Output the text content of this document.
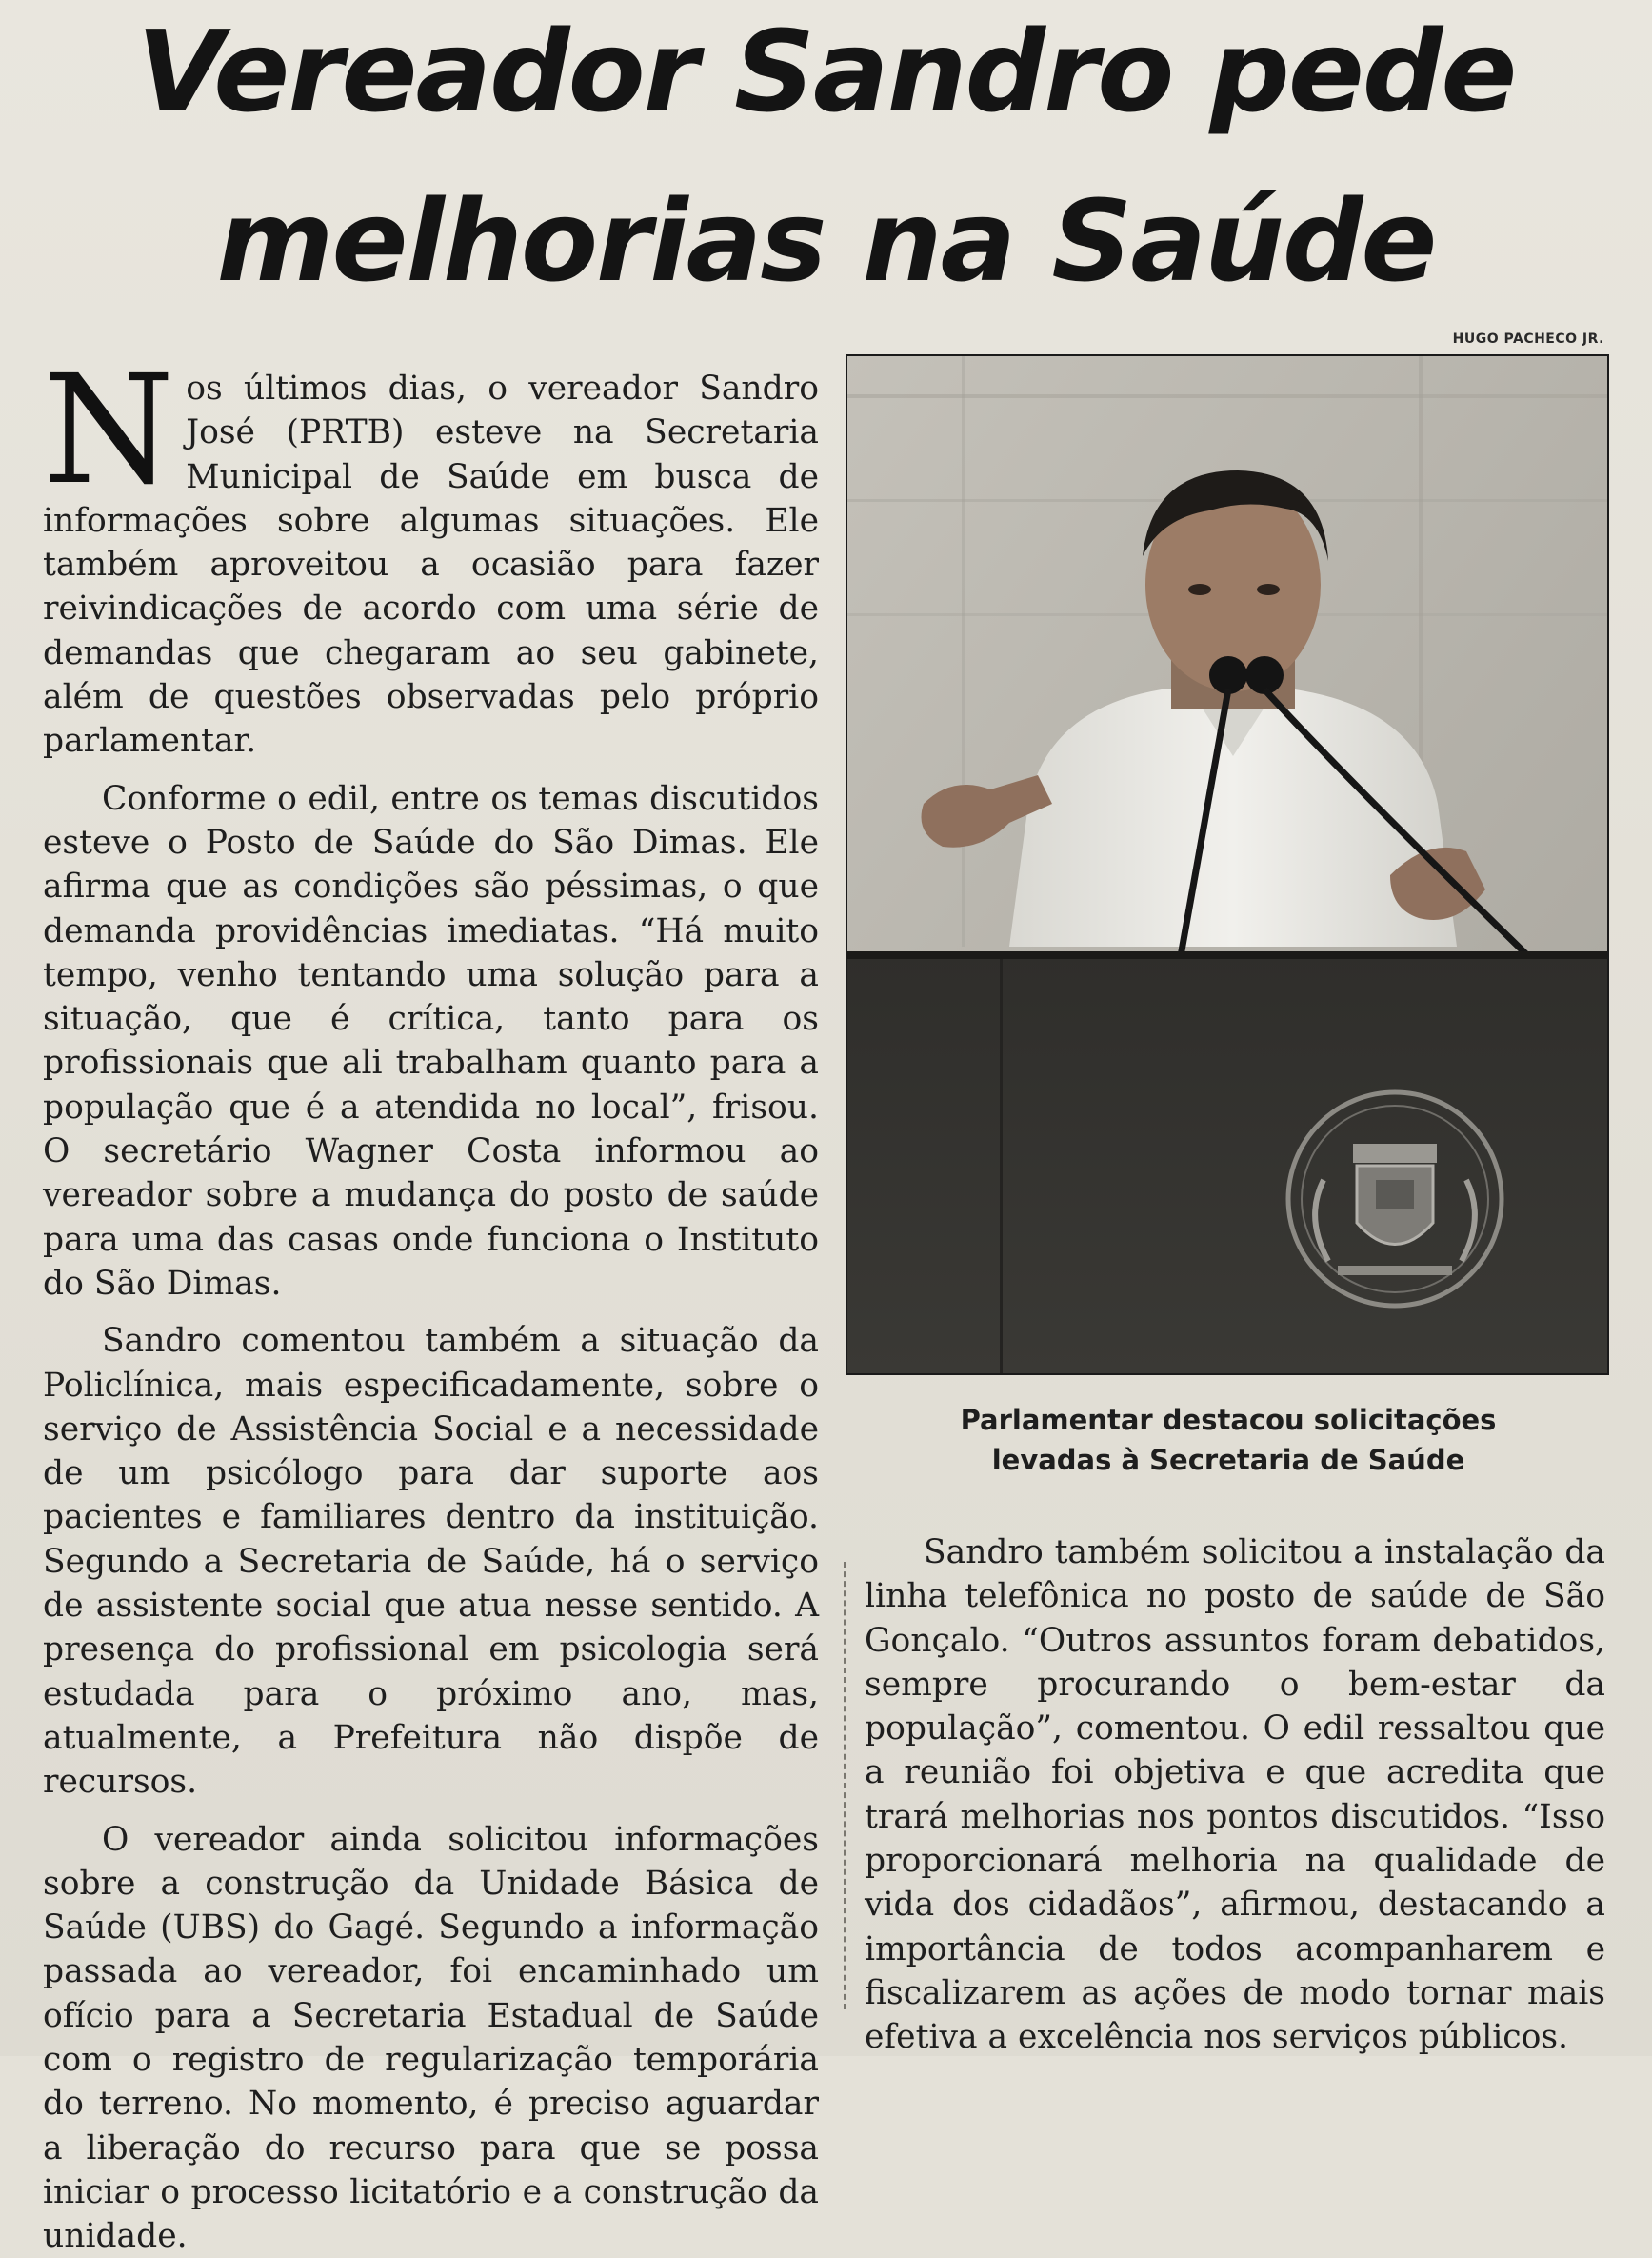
Vereador Sandro pede
melhorias na Saúde
HUGO PACHECO JR.
Parlamentar destacou solicitações
levadas à Secretaria de Saúde

Nos últimos dias, o vereador Sandro José (PRTB) esteve na Secretaria Municipal de Saúde em busca de informações sobre algumas situações. Ele também aproveitou a ocasião para fazer reivindicações de acordo com uma série de demandas que chegaram ao seu gabinete, além de questões observadas pelo próprio parlamentar.

Conforme o edil, entre os temas discutidos esteve o Posto de Saúde do São Dimas. Ele afirma que as condições são péssimas, o que demanda providências imediatas. “Há muito tempo, venho tentando uma solução para a situação, que é crítica, tanto para os profissionais que ali trabalham quanto para a população que é a atendida no local”, frisou. O secretário Wagner Costa informou ao vereador sobre a mudança do posto de saúde para uma das casas onde funciona o Instituto do São Dimas.

Sandro comentou também a situação da Policlínica, mais especificadamente, sobre o serviço de Assistência Social e a necessidade de um psicólogo para dar suporte aos pacientes e familiares dentro da instituição. Segundo a Secretaria de Saúde, há o serviço de assistente social que atua nesse sentido. A presença do profissional em psicologia será estudada para o próximo ano, mas, atualmente, a Prefeitura não dispõe de recursos.

O vereador ainda solicitou informações sobre a construção da Unidade Básica de Saúde (UBS) do Gagé. Segundo a informação passada ao vereador, foi encaminhado um ofício para a Secretaria Estadual de Saúde com o registro de regularização temporária do terreno. No momento, é preciso aguardar a liberação do recurso para que se possa iniciar o processo licitatório e a construção da unidade.

Sandro também solicitou a instalação da linha telefônica no posto de saúde de São Gonçalo. “Outros assuntos foram debatidos, sempre procurando o bem-estar da população”, comentou. O edil ressaltou que a reunião foi objetiva e que acredita que trará melhorias nos pontos discutidos. “Isso proporcionará melhoria na qualidade de vida dos cidadãos”, afirmou, destacando a importância de todos acompanharem e fiscalizarem as ações de modo tornar mais efetiva a excelência nos serviços públicos.
